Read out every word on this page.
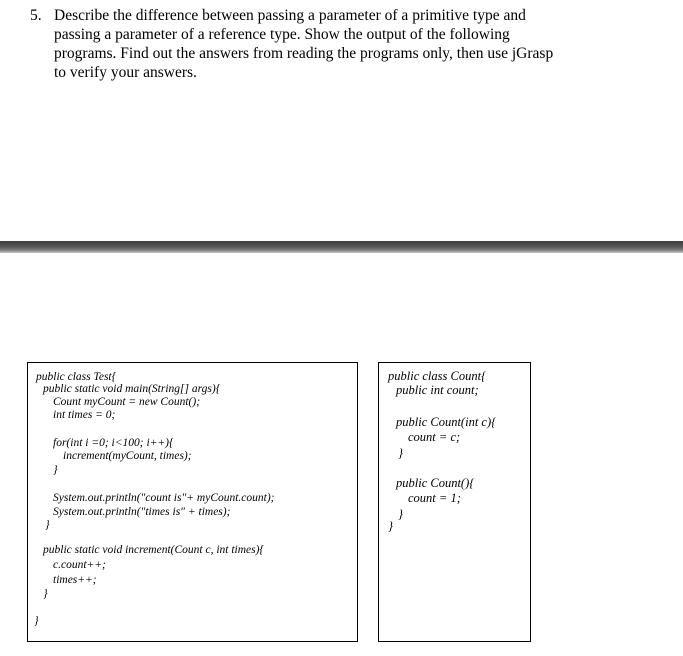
5. Describe the difference between passing a parameter of a primitive type and
passing a parameter of a reference type. Show the output of the following
programs. Find out the answers from reading the programs only, then use jGrasp
to verify your answers.
public class Test{
public static void main(String[] args){
Count myCount = new Count();
int times = 0;
for(int i =0; i<100; i++){
increment(myCount, times);
}
System.out.println("count is"+ myCount.count);
System.out.println("times is" + times);
}
public static void increment(Count c, int times){
c.count++;
times++;
}
}
public class Count{
public int count;
public Count(int c){
count = c;
}
public Count(){
count = 1;
}
}
